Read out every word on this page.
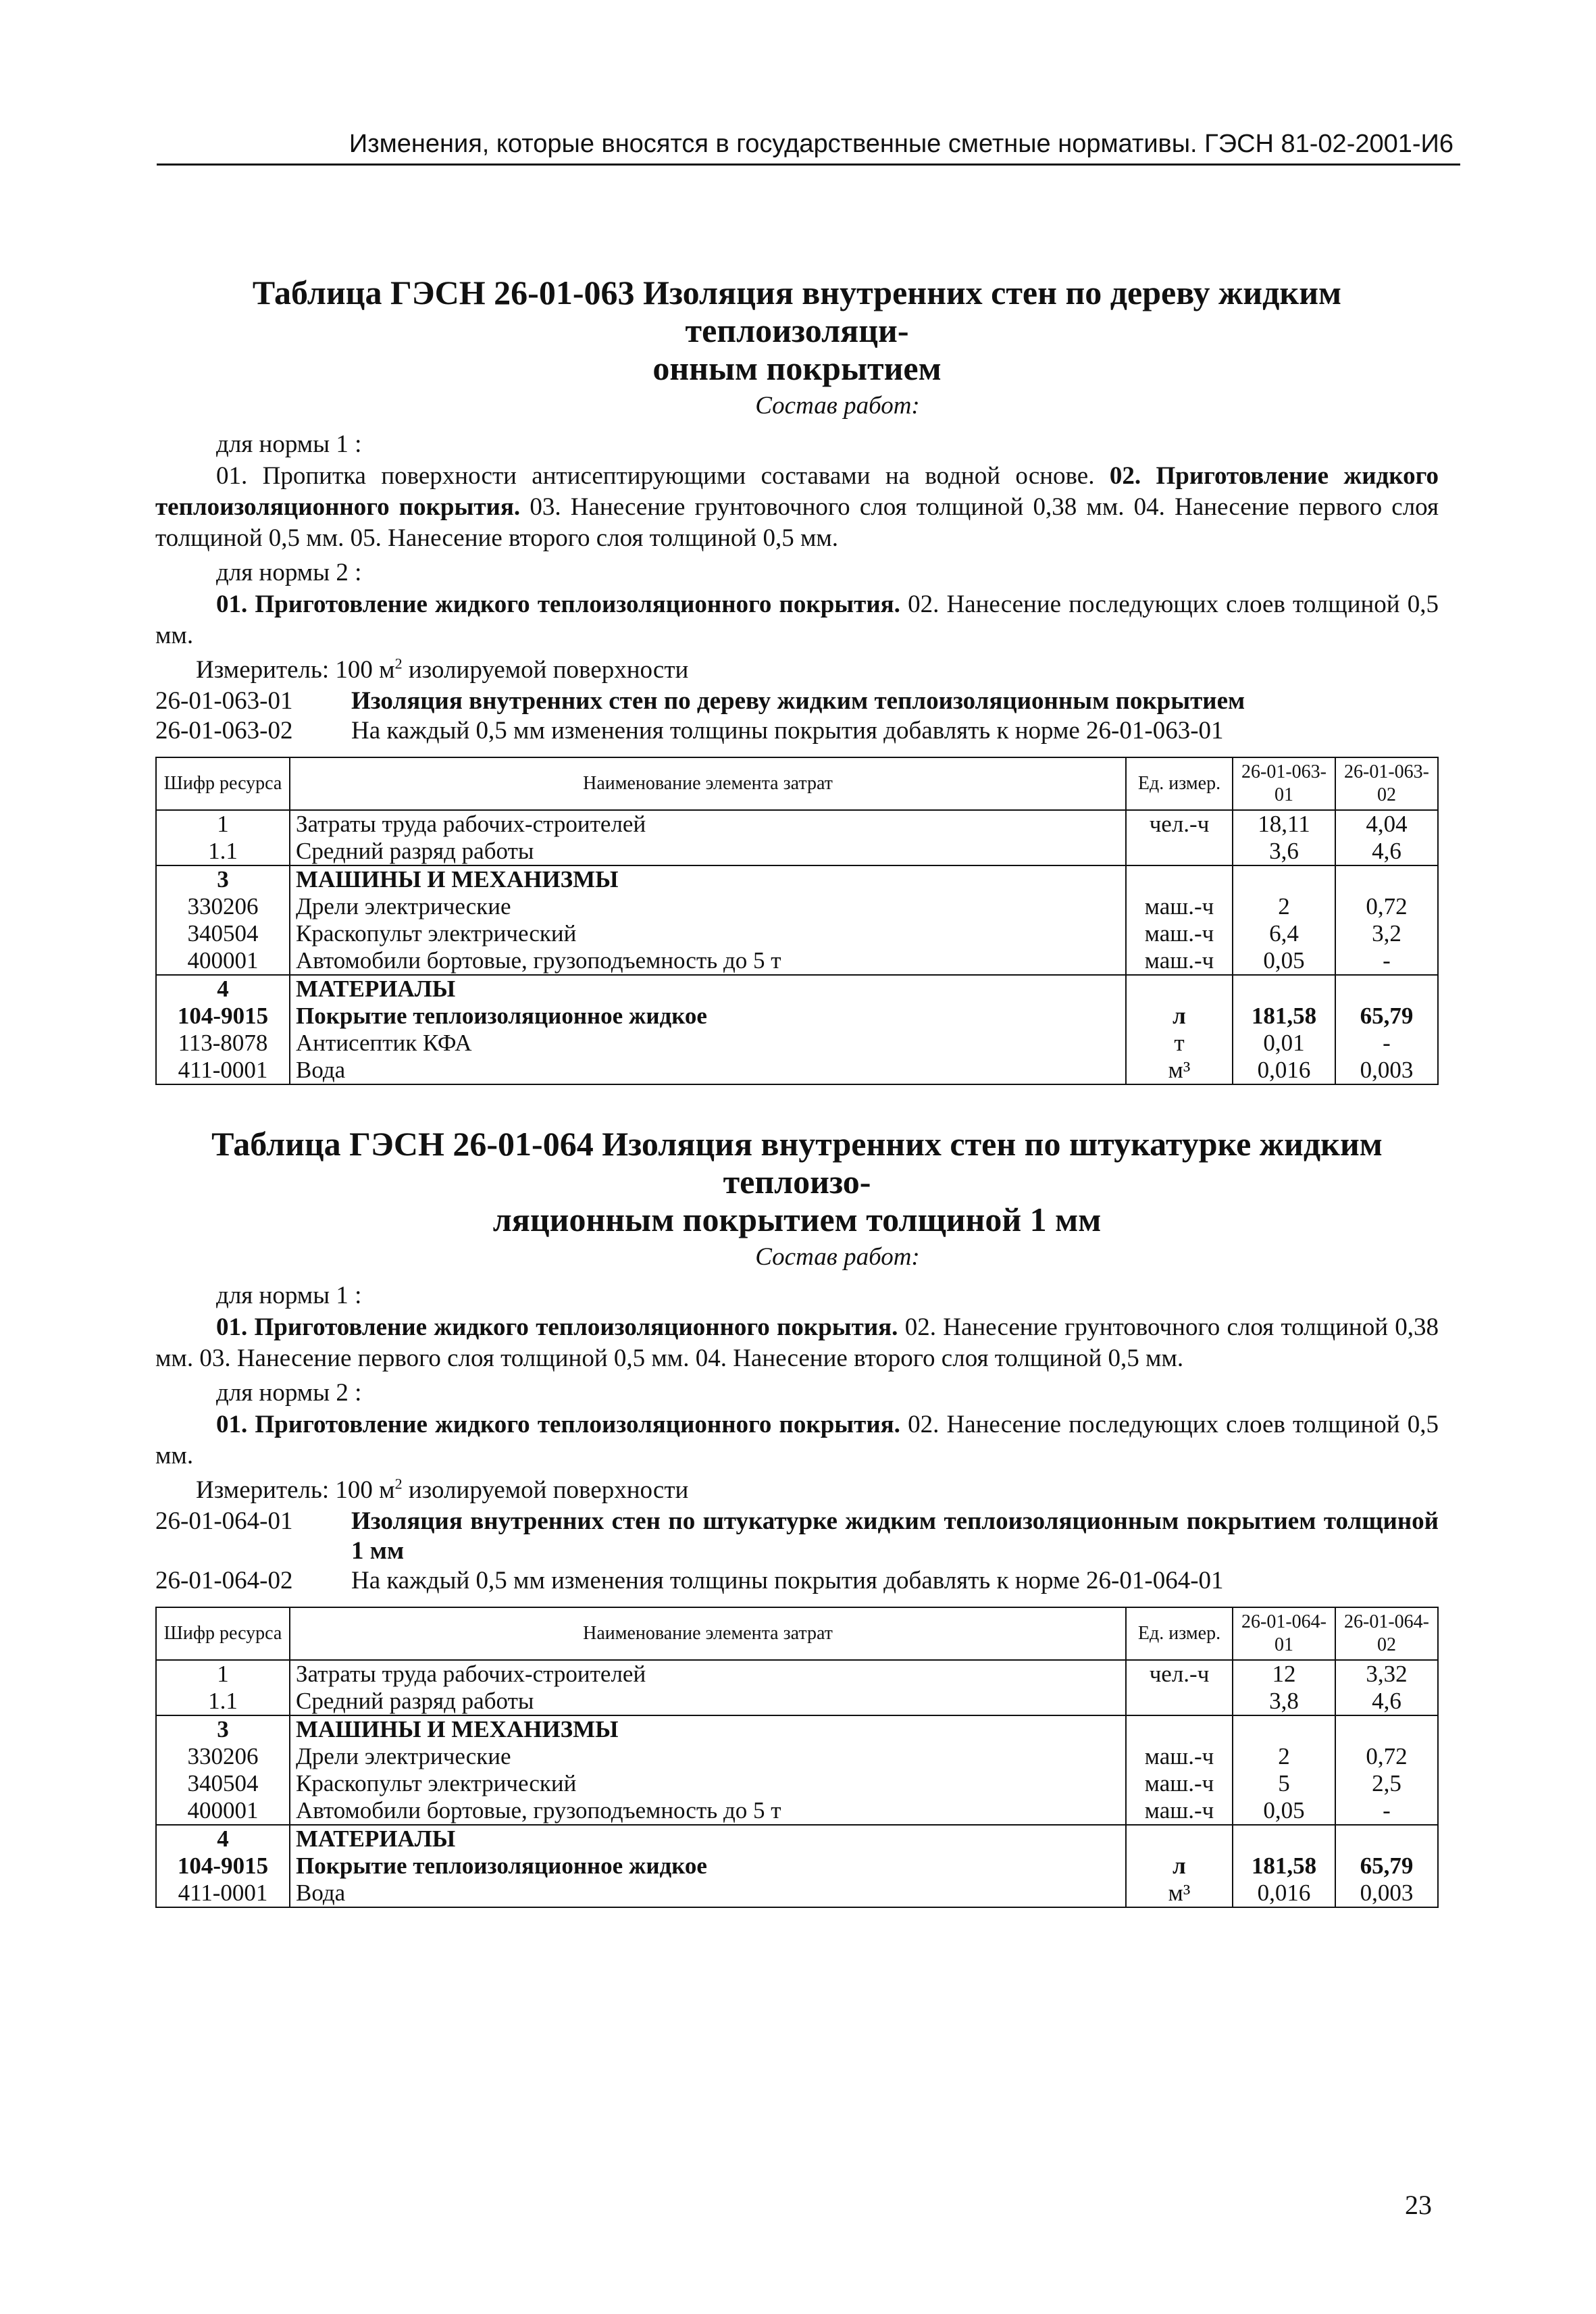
Изменения, которые вносятся в государственные сметные нормативы. ГЭСН 81-02-2001-И6
Таблица ГЭСН 26-01-063 Изоляция внутренних стен по дереву жидким теплоизоляци-
онным покрытием
Состав работ:
для нормы 1 :
01. Пропитка поверхности антисептирующими составами на водной основе. 02. Приготовление жидкого теплоизоляционного покрытия. 03. Нанесение грунтовочного слоя толщиной 0,38 мм. 04. Нанесение первого слоя толщиной 0,5 мм. 05. Нанесение второго слоя толщиной 0,5 мм.
для нормы 2 :
01. Приготовление жидкого теплоизоляционного покрытия. 02. Нанесение последующих слоев толщиной 0,5 мм.
Измеритель: 100 $м^2$ изолируемой поверхности
26-01-063-01	Изоляция внутренних стен по дереву жидким теплоизоляционным покрытием
26-01-063-02	На каждый 0,5 мм изменения толщины покрытия добавлять к норме 26-01-063-01
Шифр ресурса	Наименование элемента затрат	Ед. измер.	26-01-063-01	26-01-063-02
1	Затраты труда рабочих-строителей	чел.-ч	18,11	4,04
1.1	Средний разряд работы		3,6	4,6
3	МАШИНЫ И МЕХАНИЗМЫ			
330206	Дрели электрические	маш.-ч	2	0,72
340504	Краскопульт электрический	маш.-ч	6,4	3,2
400001	Автомобили бортовые, грузоподъемность до 5 т	маш.-ч	0,05	-
4	МАТЕРИАЛЫ			
104-9015	Покрытие теплоизоляционное жидкое	л	181,58	65,79
113-8078	Антисептик КФА	т	0,01	-
411-0001	Вода	м³	0,016	0,003
Таблица ГЭСН 26-01-064 Изоляция внутренних стен по штукатурке жидким теплоизо-
ляционным покрытием толщиной 1 мм
Состав работ:
для нормы 1 :
01. Приготовление жидкого теплоизоляционного покрытия. 02. Нанесение грунтовочного слоя толщиной 0,38 мм. 03. Нанесение первого слоя толщиной 0,5 мм. 04. Нанесение второго слоя толщиной 0,5 мм.
для нормы 2 :
01. Приготовление жидкого теплоизоляционного покрытия. 02. Нанесение последующих слоев толщиной 0,5 мм.
Измеритель: 100 $м^2$ изолируемой поверхности
26-01-064-01	Изоляция внутренних стен по штукатурке жидким теплоизоляционным покрытием толщиной 1 мм
26-01-064-02	На каждый 0,5 мм изменения толщины покрытия добавлять к норме 26-01-064-01
Шифр ресурса	Наименование элемента затрат	Ед. измер.	26-01-064-01	26-01-064-02
1	Затраты труда рабочих-строителей	чел.-ч	12	3,32
1.1	Средний разряд работы		3,8	4,6
3	МАШИНЫ И МЕХАНИЗМЫ			
330206	Дрели электрические	маш.-ч	2	0,72
340504	Краскопульт электрический	маш.-ч	5	2,5
400001	Автомобили бортовые, грузоподъемность до 5 т	маш.-ч	0,05	-
4	МАТЕРИАЛЫ			
104-9015	Покрытие теплоизоляционное жидкое	л	181,58	65,79
411-0001	Вода	м³	0,016	0,003
23
